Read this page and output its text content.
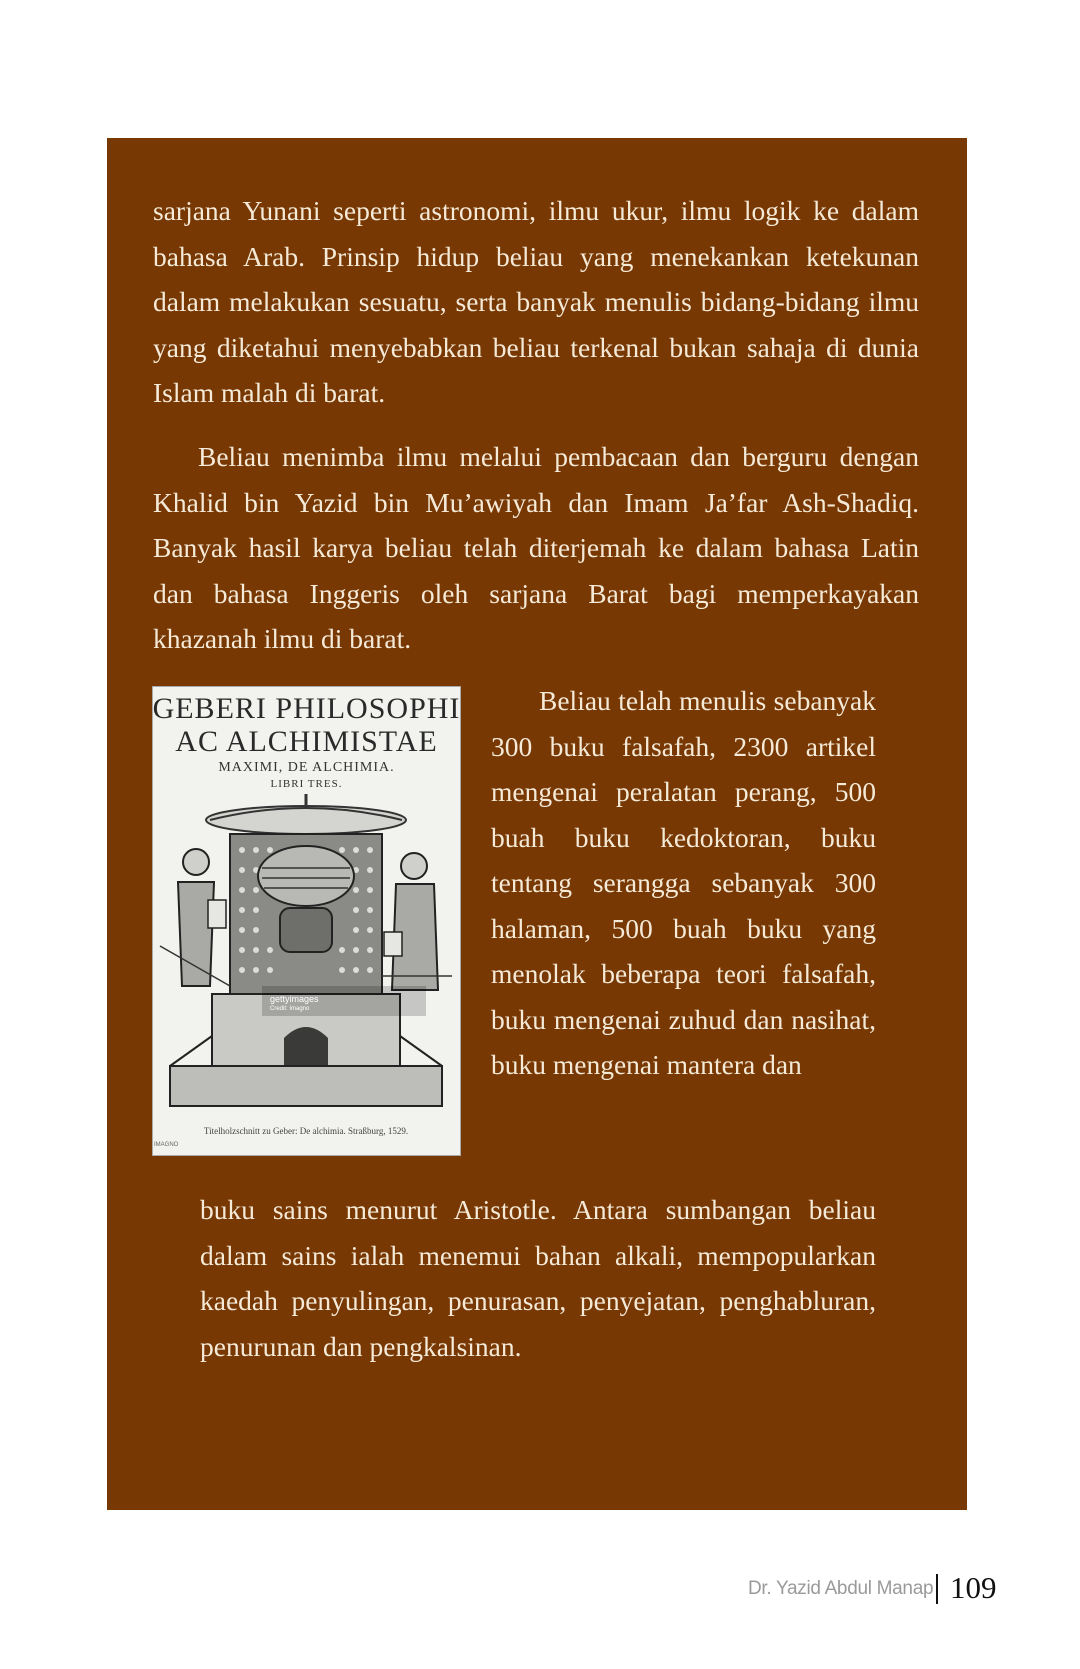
sarjana Yunani seperti astronomi, ilmu ukur, ilmu logik ke dalam bahasa Arab. Prinsip hidup beliau yang menekankan ketekunan dalam melakukan sesuatu, serta banyak menulis bidang-bidang ilmu yang diketahui menyebabkan beliau terkenal bukan sahaja di dunia Islam malah di barat.

Beliau menimba ilmu melalui pembacaan dan berguru dengan Khalid bin Yazid bin Mu’awiyah dan Imam Ja’far Ash-Shadiq. Banyak hasil karya beliau telah diterjemah ke dalam bahasa Latin dan bahasa Inggeris oleh sarjana Barat bagi memperkayakan khazanah ilmu di barat.

GEBERI PHILOSOPHI
AC ALCHIMISTAE
MAXIMI, DE ALCHIMIA.
LIBRI TRES.
gettyimages
Credit: Imagno
Titelholzschnitt zu Geber: De alchimia. Straßburg, 1529.
IMAGNO

Beliau telah menulis sebanyak 300 buku falsafah, 2300 artikel mengenai peralatan perang, 500 buah buku kedoktoran, buku tentang serangga sebanyak 300 halaman, 500 buah buku yang menolak beberapa teori falsafah, buku mengenai zuhud dan nasihat, buku mengenai mantera dan

buku sains menurut Aristotle. Antara sumbangan beliau dalam sains ialah menemui bahan alkali, mempopularkan kaedah penyulingan, penurasan, penyejatan, penghabluran, penurunan dan pengkalsinan.

Dr. Yazid Abdul Manap 109
